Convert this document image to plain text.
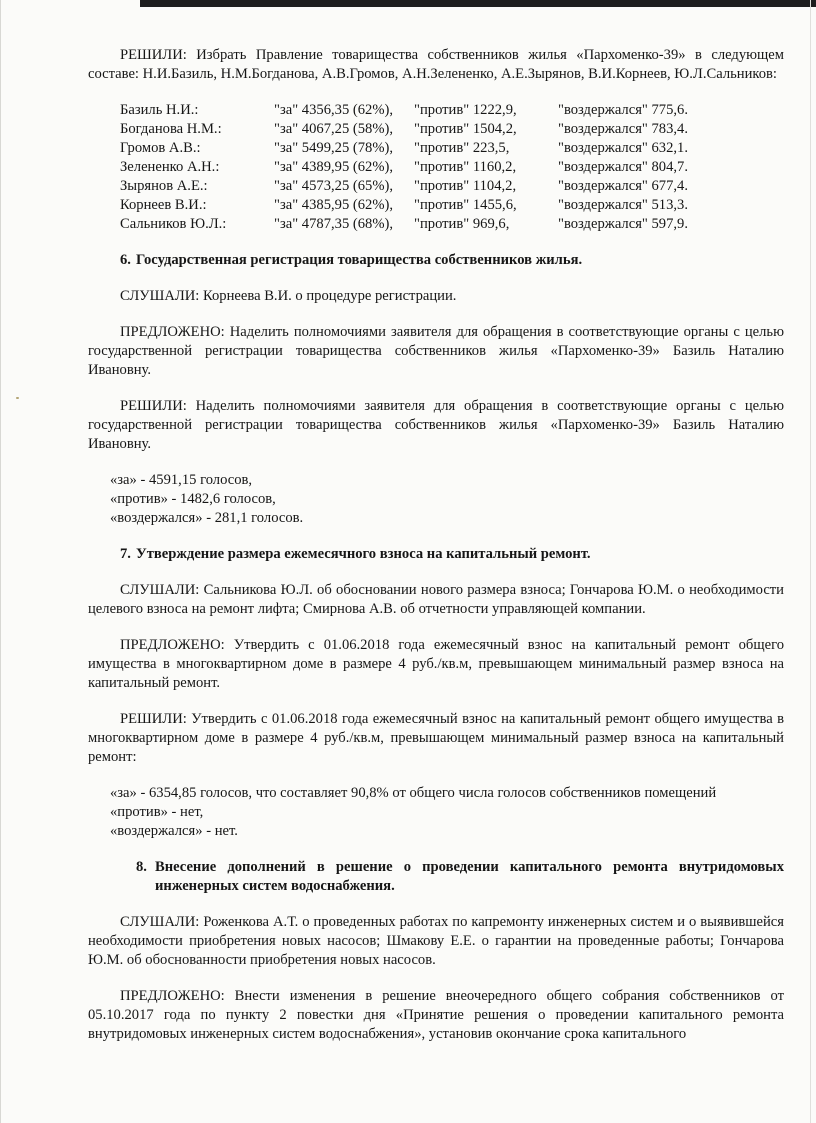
РЕШИЛИ: Избрать Правление товарищества собственников жилья «Пархоменко-39» в следующем составе: Н.И.Базиль, Н.М.Богданова, А.В.Громов, А.Н.Зелененко, А.Е.Зырянов, В.И.Корнеев, Ю.Л.Сальников:

Базиль Н.И.:	"за" 4356,35 (62%),	"против" 1222,9,	"воздержался" 775,6.
Богданова Н.М.:	"за" 4067,25 (58%),	"против" 1504,2,	"воздержался" 783,4.
Громов А.В.:	"за" 5499,25 (78%),	"против" 223,5,	"воздержался" 632,1.
Зелененко А.Н.:	"за" 4389,95 (62%),	"против" 1160,2,	"воздержался" 804,7.
Зырянов А.Е.:	"за" 4573,25 (65%),	"против" 1104,2,	"воздержался" 677,4.
Корнеев В.И.:	"за" 4385,95 (62%),	"против" 1455,6,	"воздержался" 513,3.
Сальников Ю.Л.:	"за" 4787,35 (68%),	"против" 969,6,	"воздержался" 597,9.

6. Государственная регистрация товарищества собственников жилья.

СЛУШАЛИ: Корнеева В.И. о процедуре регистрации.

ПРЕДЛОЖЕНО: Наделить полномочиями заявителя для обращения в соответствующие органы с целью государственной регистрации товарищества собственников жилья «Пархоменко-39» Базиль Наталию Ивановну.

РЕШИЛИ: Наделить полномочиями заявителя для обращения в соответствующие органы с целью государственной регистрации товарищества собственников жилья «Пархоменко-39» Базиль Наталию Ивановну.

«за» - 4591,15 голосов,
«против» - 1482,6 голосов,
«воздержался» - 281,1 голосов.

7. Утверждение размера ежемесячного взноса на капитальный ремонт.

СЛУШАЛИ: Сальникова Ю.Л. об обосновании нового размера взноса; Гончарова Ю.М. о необходимости целевого взноса на ремонт лифта; Смирнова А.В. об отчетности управляющей компании.

ПРЕДЛОЖЕНО: Утвердить с 01.06.2018 года ежемесячный взнос на капитальный ремонт общего имущества в многоквартирном доме в размере 4 руб./кв.м, превышающем минимальный размер взноса на капитальный ремонт.

РЕШИЛИ: Утвердить с 01.06.2018 года ежемесячный взнос на капитальный ремонт общего имущества в многоквартирном доме в размере 4 руб./кв.м, превышающем минимальный размер взноса на капитальный ремонт:

«за» - 6354,85 голосов, что составляет 90,8% от общего числа голосов собственников помещений
«против» - нет,
«воздержался» - нет.

8. Внесение дополнений в решение о проведении капитального ремонта внутридомовых инженерных систем водоснабжения.

СЛУШАЛИ: Роженкова А.Т. о проведенных работах по капремонту инженерных систем и о выявившейся необходимости приобретения новых насосов; Шмакову Е.Е. о гарантии на проведенные работы; Гончарова Ю.М. об обоснованности приобретения новых насосов.

ПРЕДЛОЖЕНО: Внести изменения в решение внеочередного общего собрания собственников от 05.10.2017 года по пункту 2 повестки дня «Принятие решения о проведении капитального ремонта внутридомовых инженерных систем водоснабжения», установив окончание срока капитального
